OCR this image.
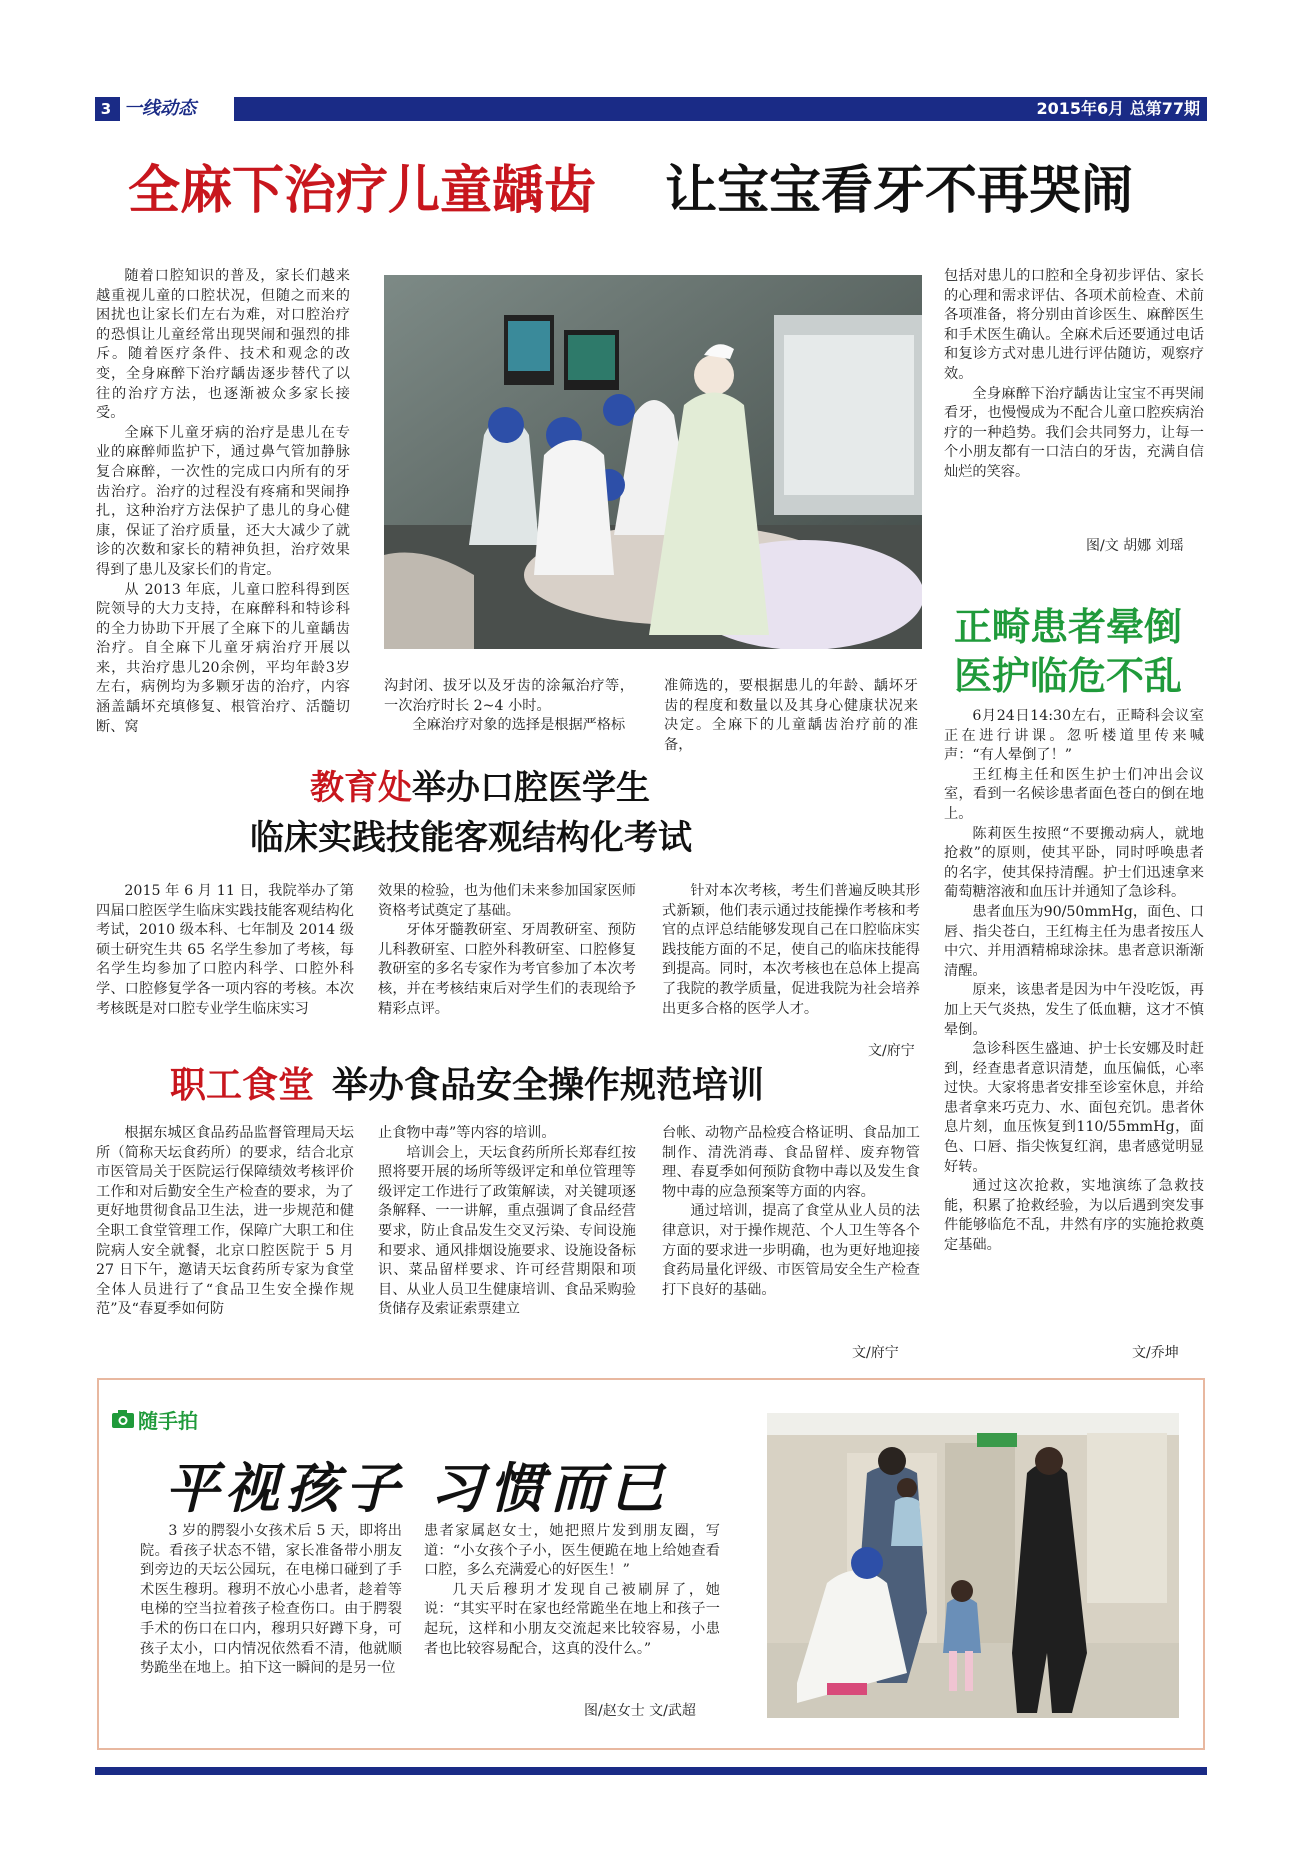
3 一线动态	2015年6月 总第77期
全麻下治疗儿童龋齿 让宝宝看牙不再哭闹

随着口腔知识的普及，家长们越来越重视儿童的口腔状况，但随之而来的困扰也让家长们左右为难，对口腔治疗的恐惧让儿童经常出现哭闹和强烈的排斥。随着医疗条件、技术和观念的改变，全身麻醉下治疗龋齿逐步替代了以往的治疗方法，也逐渐被众多家长接受。

全麻下儿童牙病的治疗是患儿在专业的麻醉师监护下，通过鼻气管加静脉复合麻醉，一次性的完成口内所有的牙齿治疗。治疗的过程没有疼痛和哭闹挣扎，这种治疗方法保护了患儿的身心健康，保证了治疗质量，还大大减少了就诊的次数和家长的精神负担，治疗效果得到了患儿及家长们的肯定。

从 2013 年底，儿童口腔科得到医院领导的大力支持，在麻醉科和特诊科的全力协助下开展了全麻下的儿童龋齿治疗。自全麻下儿童牙病治疗开展以来，共治疗患儿20余例，平均年龄3岁左右，病例均为多颗牙齿的治疗，内容涵盖龋坏充填修复、根管治疗、活髓切断、窝

沟封闭、拔牙以及牙齿的涂氟治疗等，一次治疗时长 2~4 小时。

全麻治疗对象的选择是根据严格标

准筛选的，要根据患儿的年龄、龋坏牙齿的程度和数量以及其身心健康状况来决定。全麻下的儿童龋齿治疗前的准备，

包括对患儿的口腔和全身初步评估、家长的心理和需求评估、各项术前检查、术前各项准备，将分别由首诊医生、麻醉医生和手术医生确认。全麻术后还要通过电话和复诊方式对患儿进行评估随访，观察疗效。

全身麻醉下治疗龋齿让宝宝不再哭闹看牙，也慢慢成为不配合儿童口腔疾病治疗的一种趋势。我们会共同努力，让每一个小朋友都有一口洁白的牙齿，充满自信灿烂的笑容。

图/文 胡娜 刘瑶
教育处举办口腔医学生
临床实践技能客观结构化考试

2015 年 6 月 11 日，我院举办了第四届口腔医学生临床实践技能客观结构化考试，2010 级本科、七年制及 2014 级硕士研究生共 65 名学生参加了考核，每名学生均参加了口腔内科学、口腔外科学、口腔修复学各一项内容的考核。本次考核既是对口腔专业学生临床实习

效果的检验，也为他们未来参加国家医师资格考试奠定了基础。

牙体牙髓教研室、牙周教研室、预防儿科教研室、口腔外科教研室、口腔修复教研室的多名专家作为考官参加了本次考核，并在考核结束后对学生们的表现给予精彩点评。

针对本次考核，考生们普遍反映其形式新颖，他们表示通过技能操作考核和考官的点评总结能够发现自己在口腔临床实践技能方面的不足，使自己的临床技能得到提高。同时，本次考核也在总体上提高了我院的教学质量，促进我院为社会培养出更多合格的医学人才。

文/府宁
职工食堂 举办食品安全操作规范培训

根据东城区食品药品监督管理局天坛所（简称天坛食药所）的要求，结合北京市医管局关于医院运行保障绩效考核评价工作和对后勤安全生产检查的要求，为了更好地贯彻食品卫生法，进一步规范和健全职工食堂管理工作，保障广大职工和住院病人安全就餐，北京口腔医院于 5 月 27 日下午，邀请天坛食药所专家为食堂全体人员进行了“食品卫生安全操作规范”及“春夏季如何防

止食物中毒”等内容的培训。

培训会上，天坛食药所所长郑春红按照将要开展的场所等级评定和单位管理等级评定工作进行了政策解读，对关键项逐条解释、一一讲解，重点强调了食品经营要求，防止食品发生交叉污染、专间设施和要求、通风排烟设施要求、设施设备标识、菜品留样要求、许可经营期限和项目、从业人员卫生健康培训、食品采购验货储存及索证索票建立

台帐、动物产品检疫合格证明、食品加工制作、清洗消毒、食品留样、废弃物管理、春夏季如何预防食物中毒以及发生食物中毒的应急预案等方面的内容。

通过培训，提高了食堂从业人员的法律意识，对于操作规范、个人卫生等各个方面的要求进一步明确，也为更好地迎接食药局量化评级、市医管局安全生产检查打下良好的基础。

文/府宁
正畸患者晕倒
医护临危不乱

6月24日14:30左右，正畸科会议室正在进行讲课。忽听楼道里传来喊声：“有人晕倒了！”

王红梅主任和医生护士们冲出会议室，看到一名候诊患者面色苍白的倒在地上。

陈莉医生按照“不要搬动病人，就地抢救”的原则，使其平卧，同时呼唤患者的名字，使其保持清醒。护士们迅速拿来葡萄糖溶液和血压计并通知了急诊科。

患者血压为90/50mmHg，面色、口唇、指尖苍白，王红梅主任为患者按压人中穴、并用酒精棉球涂抹。患者意识渐渐清醒。

原来，该患者是因为中午没吃饭，再加上天气炎热，发生了低血糖，这才不慎晕倒。

急诊科医生盛迪、护士长安娜及时赶到，经查患者意识清楚，血压偏低，心率过快。大家将患者安排至诊室休息，并给患者拿来巧克力、水、面包充饥。患者休息片刻，血压恢复到110/55mmHg，面色、口唇、指尖恢复红润，患者感觉明显好转。

通过这次抢救，实地演练了急救技能，积累了抢救经验，为以后遇到突发事件能够临危不乱，井然有序的实施抢救奠定基础。

文/乔坤
随手拍
平视孩子 习惯而已

3 岁的腭裂小女孩术后 5 天，即将出院。看孩子状态不错，家长准备带小朋友到旁边的天坛公园玩，在电梯口碰到了手术医生穆玥。穆玥不放心小患者，趁着等电梯的空当拉着孩子检查伤口。由于腭裂手术的伤口在口内，穆玥只好蹲下身，可孩子太小，口内情况依然看不清，他就顺势跪坐在地上。拍下这一瞬间的是另一位

患者家属赵女士，她把照片发到朋友圈，写道：“小女孩个子小，医生便跪在地上给她查看口腔，多么充满爱心的好医生！”

几天后穆玥才发现自己被刷屏了，她说：“其实平时在家也经常跪坐在地上和孩子一起玩，这样和小朋友交流起来比较容易，小患者也比较容易配合，这真的没什么。”

图/赵女士 文/武超
